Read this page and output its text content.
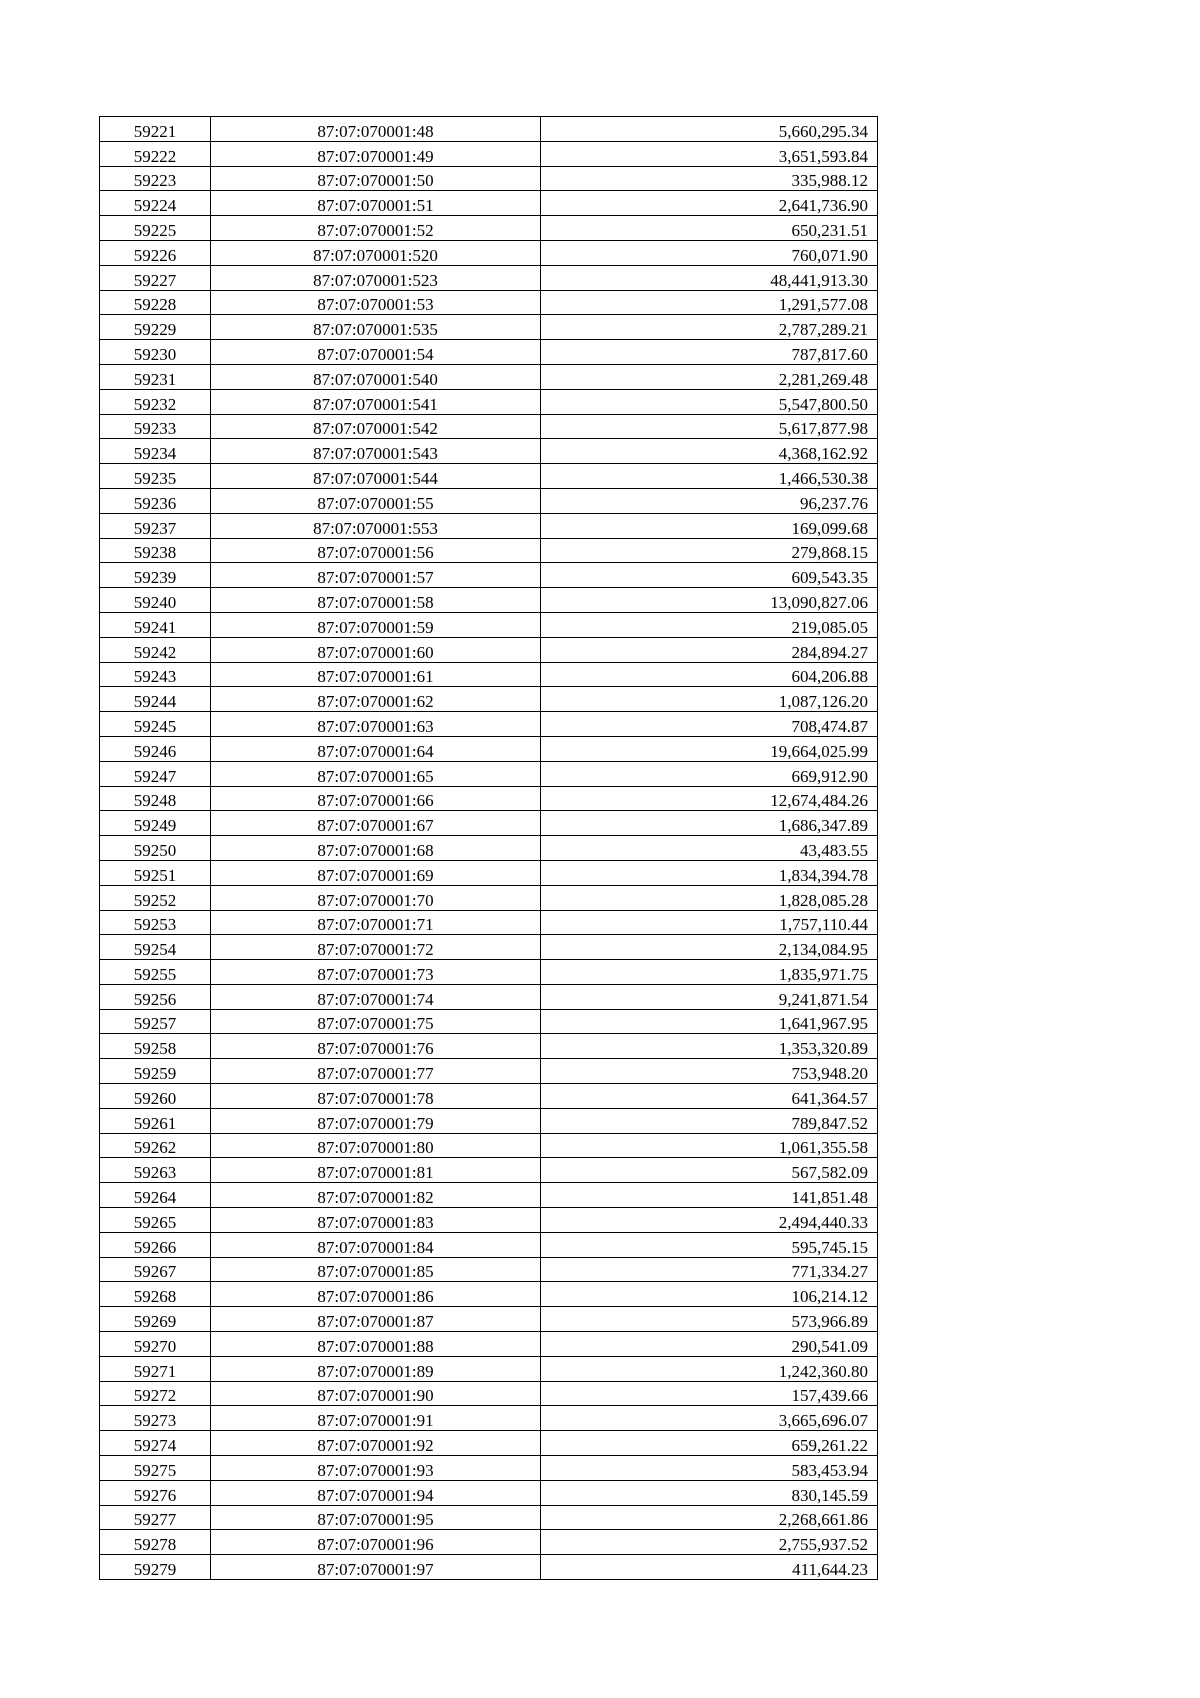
59221	87:07:070001:48	5,660,295.34
59222	87:07:070001:49	3,651,593.84
59223	87:07:070001:50	335,988.12
59224	87:07:070001:51	2,641,736.90
59225	87:07:070001:52	650,231.51
59226	87:07:070001:520	760,071.90
59227	87:07:070001:523	48,441,913.30
59228	87:07:070001:53	1,291,577.08
59229	87:07:070001:535	2,787,289.21
59230	87:07:070001:54	787,817.60
59231	87:07:070001:540	2,281,269.48
59232	87:07:070001:541	5,547,800.50
59233	87:07:070001:542	5,617,877.98
59234	87:07:070001:543	4,368,162.92
59235	87:07:070001:544	1,466,530.38
59236	87:07:070001:55	96,237.76
59237	87:07:070001:553	169,099.68
59238	87:07:070001:56	279,868.15
59239	87:07:070001:57	609,543.35
59240	87:07:070001:58	13,090,827.06
59241	87:07:070001:59	219,085.05
59242	87:07:070001:60	284,894.27
59243	87:07:070001:61	604,206.88
59244	87:07:070001:62	1,087,126.20
59245	87:07:070001:63	708,474.87
59246	87:07:070001:64	19,664,025.99
59247	87:07:070001:65	669,912.90
59248	87:07:070001:66	12,674,484.26
59249	87:07:070001:67	1,686,347.89
59250	87:07:070001:68	43,483.55
59251	87:07:070001:69	1,834,394.78
59252	87:07:070001:70	1,828,085.28
59253	87:07:070001:71	1,757,110.44
59254	87:07:070001:72	2,134,084.95
59255	87:07:070001:73	1,835,971.75
59256	87:07:070001:74	9,241,871.54
59257	87:07:070001:75	1,641,967.95
59258	87:07:070001:76	1,353,320.89
59259	87:07:070001:77	753,948.20
59260	87:07:070001:78	641,364.57
59261	87:07:070001:79	789,847.52
59262	87:07:070001:80	1,061,355.58
59263	87:07:070001:81	567,582.09
59264	87:07:070001:82	141,851.48
59265	87:07:070001:83	2,494,440.33
59266	87:07:070001:84	595,745.15
59267	87:07:070001:85	771,334.27
59268	87:07:070001:86	106,214.12
59269	87:07:070001:87	573,966.89
59270	87:07:070001:88	290,541.09
59271	87:07:070001:89	1,242,360.80
59272	87:07:070001:90	157,439.66
59273	87:07:070001:91	3,665,696.07
59274	87:07:070001:92	659,261.22
59275	87:07:070001:93	583,453.94
59276	87:07:070001:94	830,145.59
59277	87:07:070001:95	2,268,661.86
59278	87:07:070001:96	2,755,937.52
59279	87:07:070001:97	411,644.23
